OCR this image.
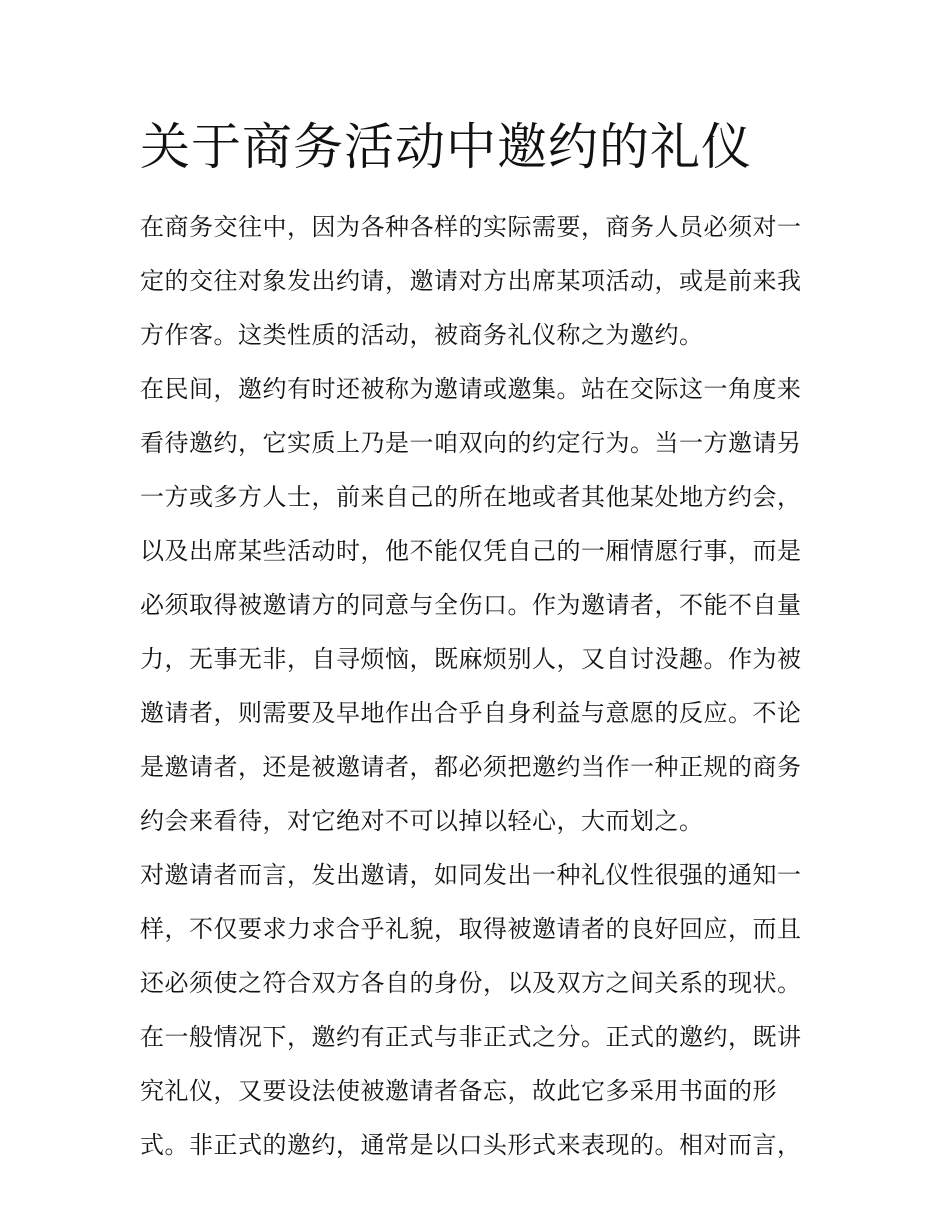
关于商务活动中邀约的礼仪
在商务交往中，因为各种各样的实际需要，商务人员必须对一
定的交往对象发出约请，邀请对方出席某项活动，或是前来我
方作客。这类性质的活动，被商务礼仪称之为邀约。
在民间，邀约有时还被称为邀请或邀集。站在交际这一角度来
看待邀约，它实质上乃是一咱双向的约定行为。当一方邀请另
一方或多方人士，前来自己的所在地或者其他某处地方约会，
以及出席某些活动时，他不能仅凭自己的一厢情愿行事，而是
必须取得被邀请方的同意与全伤口。作为邀请者，不能不自量
力，无事无非，自寻烦恼，既麻烦别人，又自讨没趣。作为被
邀请者，则需要及早地作出合乎自身利益与意愿的反应。不论
是邀请者，还是被邀请者，都必须把邀约当作一种正规的商务
约会来看待，对它绝对不可以掉以轻心，大而划之。
对邀请者而言，发出邀请，如同发出一种礼仪性很强的通知一
样，不仅要求力求合乎礼貌，取得被邀请者的良好回应，而且
还必须使之符合双方各自的身份，以及双方之间关系的现状。
在一般情况下，邀约有正式与非正式之分。正式的邀约，既讲
究礼仪，又要设法使被邀请者备忘，故此它多采用书面的形
式。非正式的邀约，通常是以口头形式来表现的。相对而言，
